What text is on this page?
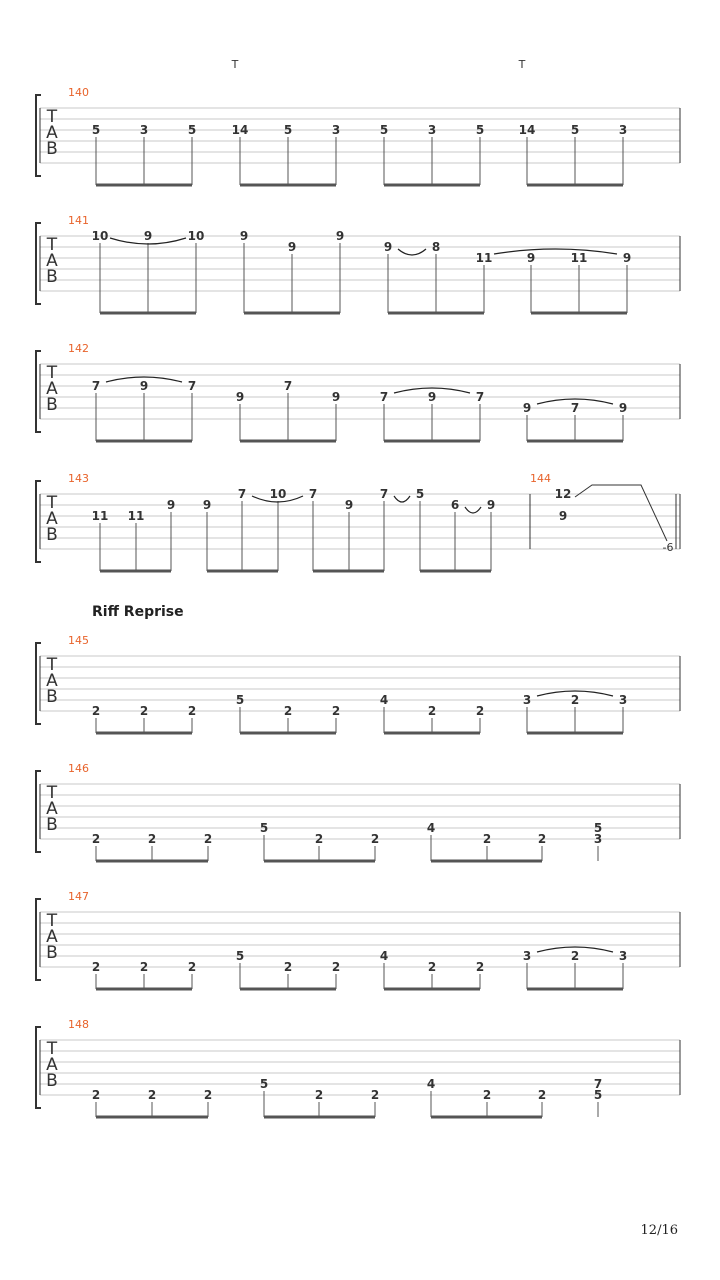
T	T
Riff Reprise
12/16
T
A
B
140
5	3	5	14	5	3	5	3	5	14	5	3
T
A
B
141
10	9	10	9
9
9
9	8
11	9	11	9
T
A
B
142
7	9	7
9
7
9	7	9	7
9	7	9
T
A
B
143
11 11
9 9
7 10 7
9
7 5
6 9
12
9
144
-6
T
A
B
145
2	2	2
5
2	2
4
2	2
3	2	3
T
A
B
146
2	2	2
5
2	2
4
2	2
5
3
T
A
B
147
2	2	2
5
2	2
4
2	2
3	2	3
T
A
B
148
2	2	2
5
2	2
4
2	2
7
5
